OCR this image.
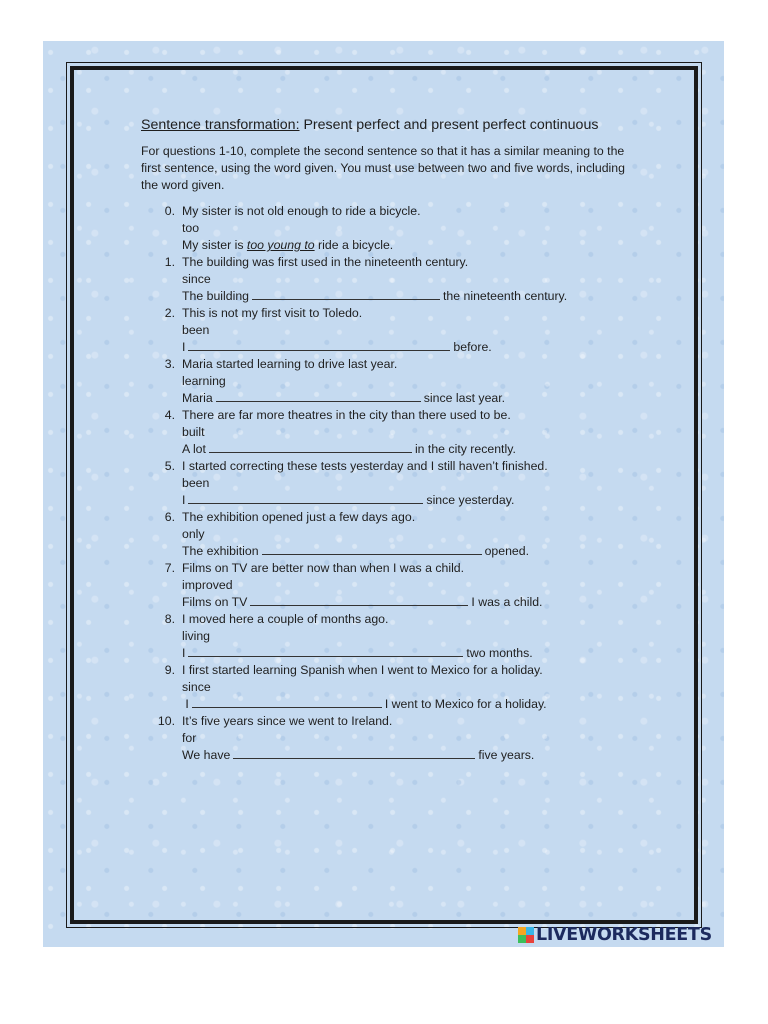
Sentence transformation: Present perfect and present perfect continuous
For questions 1-10, complete the second sentence so that it has a similar meaning to the first sentence, using the word given. You must use between two and five words, including the word given.
0. My sister is not old enough to ride a bicycle.
too
My sister is too young to ride a bicycle.
1. The building was first used in the nineteenth century.
since
The building	the nineteenth century.
2. This is not my first visit to Toledo.
been
I	before.
3. Maria started learning to drive last year.
learning
Maria	since last year.
4. There are far more theatres in the city than there used to be.
built
A lot	in the city recently.
5. I started correcting these tests yesterday and I still haven’t finished.
been
I	since yesterday.
6. The exhibition opened just a few days ago.
only
The exhibition	opened.
7. Films on TV are better now than when I was a child.
improved
Films on TV	I was a child.
8. I moved here a couple of months ago.
living
I	two months.
9. I first started learning Spanish when I went to Mexico for a holiday.
since
I	I went to Mexico for a holiday.
10. It’s five years since we went to Ireland.
for
We have	five years.
LIVEWORKSHEETS
